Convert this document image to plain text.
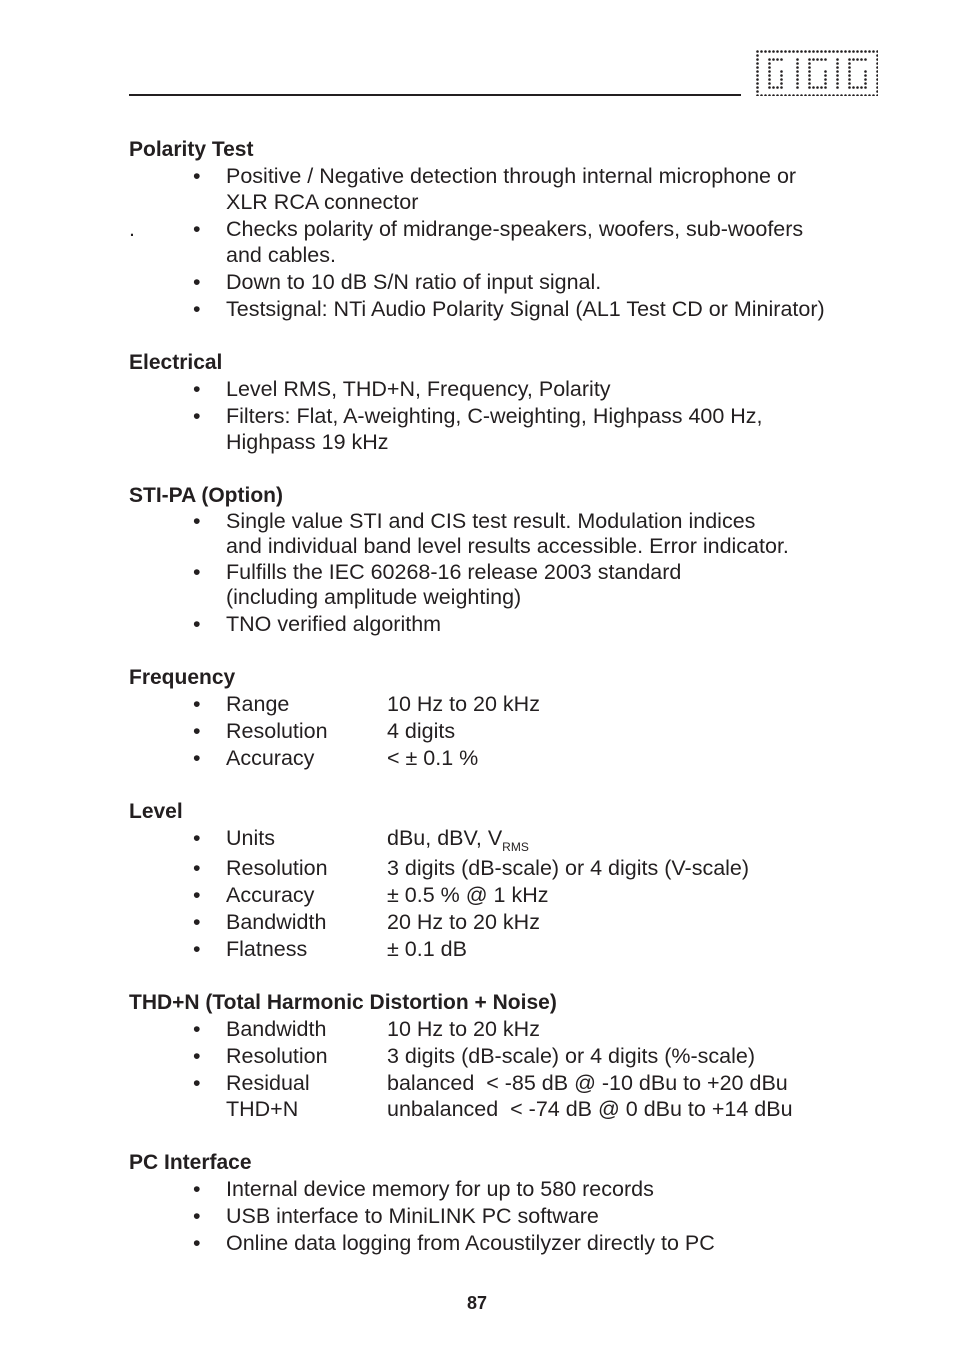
Polarity Test
• Positive / Negative detection through internal microphone or
XLR RCA connector
.	• Checks polarity of midrange-speakers, woofers, sub-woofers
and cables.
• Down to 10 dB S/N ratio of input signal.
• Testsignal: NTi Audio Polarity Signal (AL1 Test CD or Minirator)
Electrical
• Level RMS, THD+N, Frequency, Polarity
• Filters: Flat, A-weighting, C-weighting, Highpass 400 Hz,
Highpass 19 kHz
STI-PA (Option)
• Single value STI and CIS test result. Modulation indices
and individual band level results accessible. Error indicator.
• Fulfills the IEC 60268-16 release 2003 standard
(including amplitude weighting)
• TNO verified algorithm
Frequency
• Range	10 Hz to 20 kHz
• Resolution	4 digits
• Accuracy	< ± 0.1 %
Level
• Units	dBu, dBV, $V_{RMS}$
• Resolution	3 digits (dB-scale) or 4 digits (V-scale)
• Accuracy	± 0.5 % @ 1 kHz
• Bandwidth	20 Hz to 20 kHz
• Flatness	± 0.1 dB
THD+N (Total Harmonic Distortion + Noise)
• Bandwidth	10 Hz to 20 kHz
• Resolution	3 digits (dB-scale) or 4 digits (%-scale)
• Residual	balanced  < -85 dB @ -10 dBu to +20 dBu
THD+N	unbalanced  < -74 dB @ 0 dBu to +14 dBu
PC Interface
• Internal device memory for up to 580 records
• USB interface to MiniLINK PC software
• Online data logging from Acoustilyzer directly to PC
87
